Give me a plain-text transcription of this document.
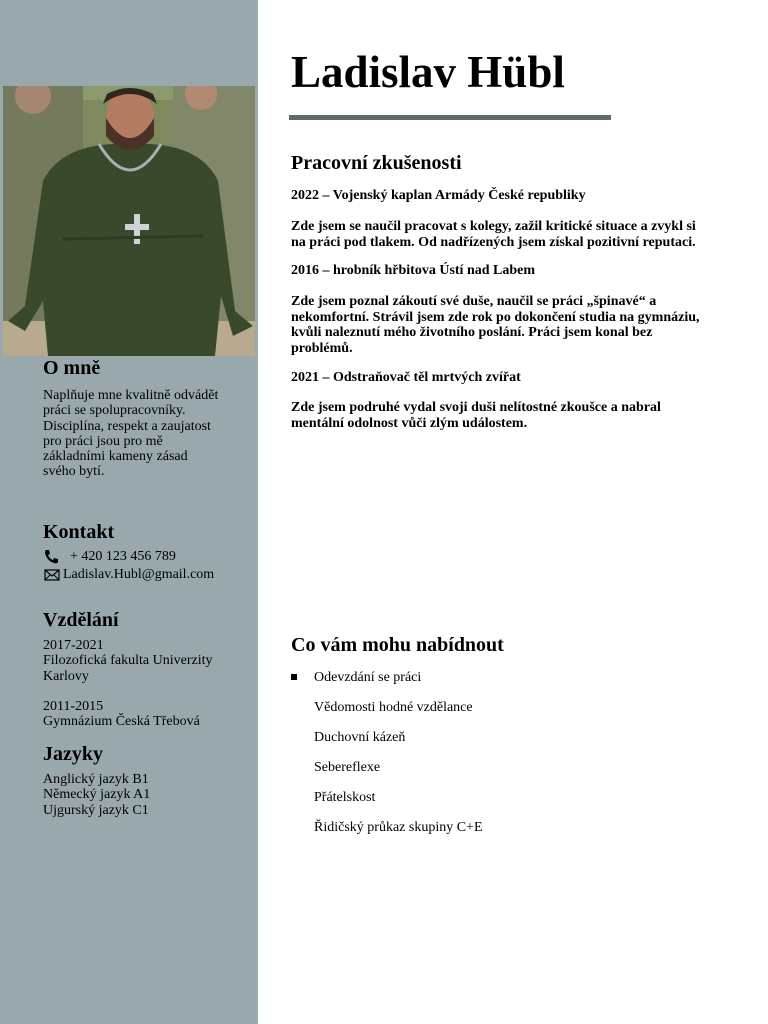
O mně
Naplňuje mne kvalitně odvádět
práci se spolupracovníky.
Disciplína, respekt a zaujatost
pro práci jsou pro mě
základními kameny zásad
svého bytí.
Kontakt
+ 420 123 456 789
Ladislav.Hubl@gmail.com
Vzdělání
2017-2021
Filozofická fakulta Univerzity
Karlovy
2011-2015
Gymnázium Česká Třebová
Jazyky
Anglický jazyk B1
Německý jazyk A1
Ujgurský jazyk C1
Ladislav Hübl
Pracovní zkušenosti
2022 – Vojenský kaplan Armády České republiky
Zde jsem se naučil pracovat s kolegy, zažil kritické situace a zvykl si
na práci pod tlakem. Od nadřízených jsem získal pozitivní reputaci.
2016 – hrobník hřbitova Ústí nad Labem
Zde jsem poznal zákoutí své duše, naučil se práci „špinavé“ a
nekomfortní. Strávil jsem zde rok po dokončení studia na gymnáziu,
kvůli naleznutí mého životního poslání. Práci jsem konal bez
problémů.
2021 – Odstraňovač těl mrtvých zvířat
Zde jsem podruhé vydal svoji duši nelítostné zkoušce a nabral
mentální odolnost vůči zlým událostem.
Co vám mohu nabídnout
Odevzdání se práci
Vědomosti hodné vzdělance
Duchovní kázeň
Sebereflexe
Přátelskost
Řidičský průkaz skupiny C+E
